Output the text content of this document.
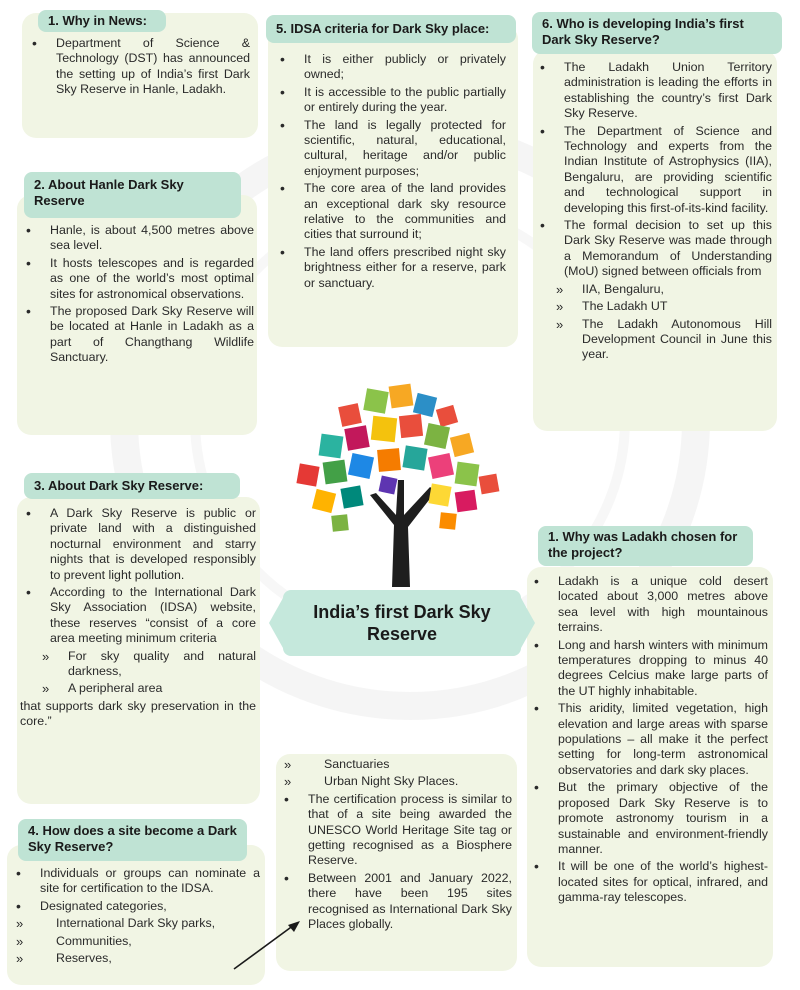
1. Why in News:
• Department of Science & Technology (DST) has announced the setting up of India’s first Dark Sky Reserve in Hanle, Ladakh.
2. About Hanle Dark Sky Reserve
• Hanle, is about 4,500 metres above sea level.
• It hosts telescopes and is regarded as one of the world’s most optimal sites for astronomical observations.
• The proposed Dark Sky Reserve will be located at Hanle in Ladakh as a part of Changthang Wildlife Sanctuary.
3. About Dark Sky Reserve:
• A Dark Sky Reserve is public or private land with a distinguished nocturnal environment and starry nights that is developed responsibly to prevent light pollution.
• According to the International Dark Sky Association (IDSA) website, these reserves “consist of a core area meeting minimum criteria
» For sky quality and natural darkness,
» A peripheral area
that supports dark sky preservation in the core.”
4. How does a site become a Dark Sky Reserve?
• Individuals or groups can nominate a site for certification to the IDSA.
• Designated categories,
» International Dark Sky parks,
» Communities,
» Reserves,
5. IDSA criteria for Dark Sky place:
• It is either publicly or privately owned;
• It is accessible to the public partially or entirely during the year.
• The land is legally protected for scientific, natural, educational, cultural, heritage and/or public enjoyment purposes;
• The core area of the land provides an exceptional dark sky resource relative to the communities and cities that surround it;
• The land offers prescribed night sky brightness either for a reserve, park or sanctuary.
» Sanctuaries
» Urban Night Sky Places.
• The certification process is similar to that of a site being awarded the UNESCO World Heritage Site tag or getting recognised as a Biosphere Reserve.
• Between 2001 and January 2022, there have been 195 sites recognised as International Dark Sky Places globally.
6. Who is developing India’s first Dark Sky Reserve?
• The Ladakh Union Territory administration is leading the efforts in establishing the country’s first Dark Sky Reserve.
• The Department of Science and Technology and experts from the Indian Institute of Astrophysics (IIA), Bengaluru, are providing scientific and technological support in developing this first-of-its-kind facility.
• The formal decision to set up this Dark Sky Reserve was made through a Memorandum of Understanding (MoU) signed between officials from
» IIA, Bengaluru,
» The Ladakh UT
» The Ladakh Autonomous Hill Development Council in June this year.
1. Why was Ladakh chosen for the project?
• Ladakh is a unique cold desert located about 3,000 metres above sea level with high mountainous terrains.
• Long and harsh winters with minimum temperatures dropping to minus 40 degrees Celcius make large parts of the UT highly inhabitable.
• This aridity, limited vegetation, high elevation and large areas with sparse populations – all make it the perfect setting for long-term astronomical observatories and dark sky places.
• But the primary objective of the proposed Dark Sky Reserve is to promote astronomy tourism in a sustainable and environment-friendly manner.
• It will be one of the world’s highest-located sites for optical, infrared, and gamma-ray telescopes.
India’s first Dark Sky Reserve
